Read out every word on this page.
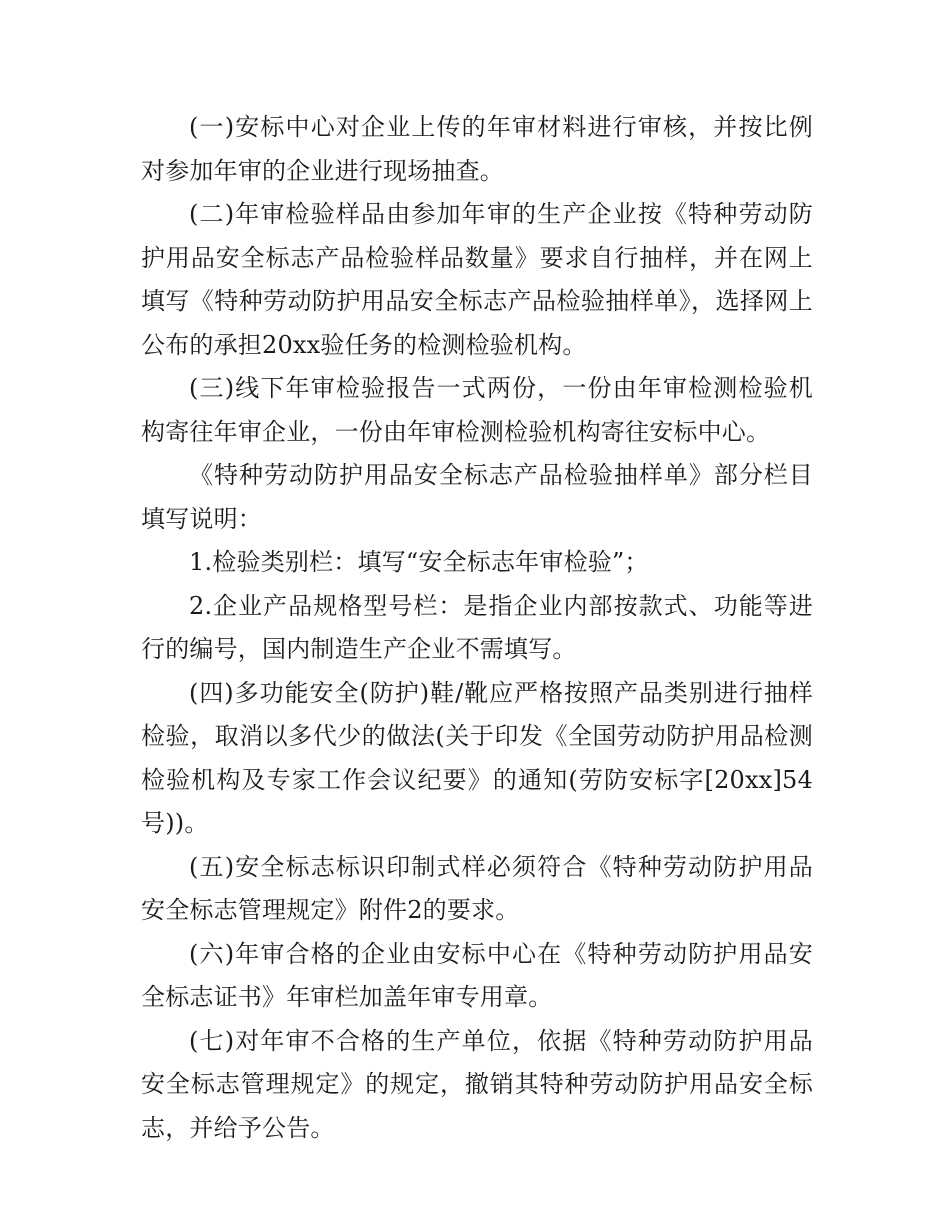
(一)安标中心对企业上传的年审材料进行审核，并按比例对参加年审的企业进行现场抽查。

(二)年审检验样品由参加年审的生产企业按《特种劳动防护用品安全标志产品检验样品数量》要求自行抽样，并在网上填写《特种劳动防护用品安全标志产品检验抽样单》，选择网上公布的承担20xx验任务的检测检验机构。

(三)线下年审检验报告一式两份，一份由年审检测检验机构寄往年审企业，一份由年审检测检验机构寄往安标中心。

《特种劳动防护用品安全标志产品检验抽样单》部分栏目填写说明：

1.检验类别栏：填写“安全标志年审检验”；

2.企业产品规格型号栏：是指企业内部按款式、功能等进行的编号，国内制造生产企业不需填写。

(四)多功能安全(防护)鞋/靴应严格按照产品类别进行抽样检验，取消以多代少的做法(关于印发《全国劳动防护用品检测检验机构及专家工作会议纪要》的通知(劳防安标字[20xx]54号))。

(五)安全标志标识印制式样必须符合《特种劳动防护用品安全标志管理规定》附件2的要求。

(六)年审合格的企业由安标中心在《特种劳动防护用品安全标志证书》年审栏加盖年审专用章。

(七)对年审不合格的生产单位，依据《特种劳动防护用品安全标志管理规定》的规定，撤销其特种劳动防护用品安全标志，并给予公告。
